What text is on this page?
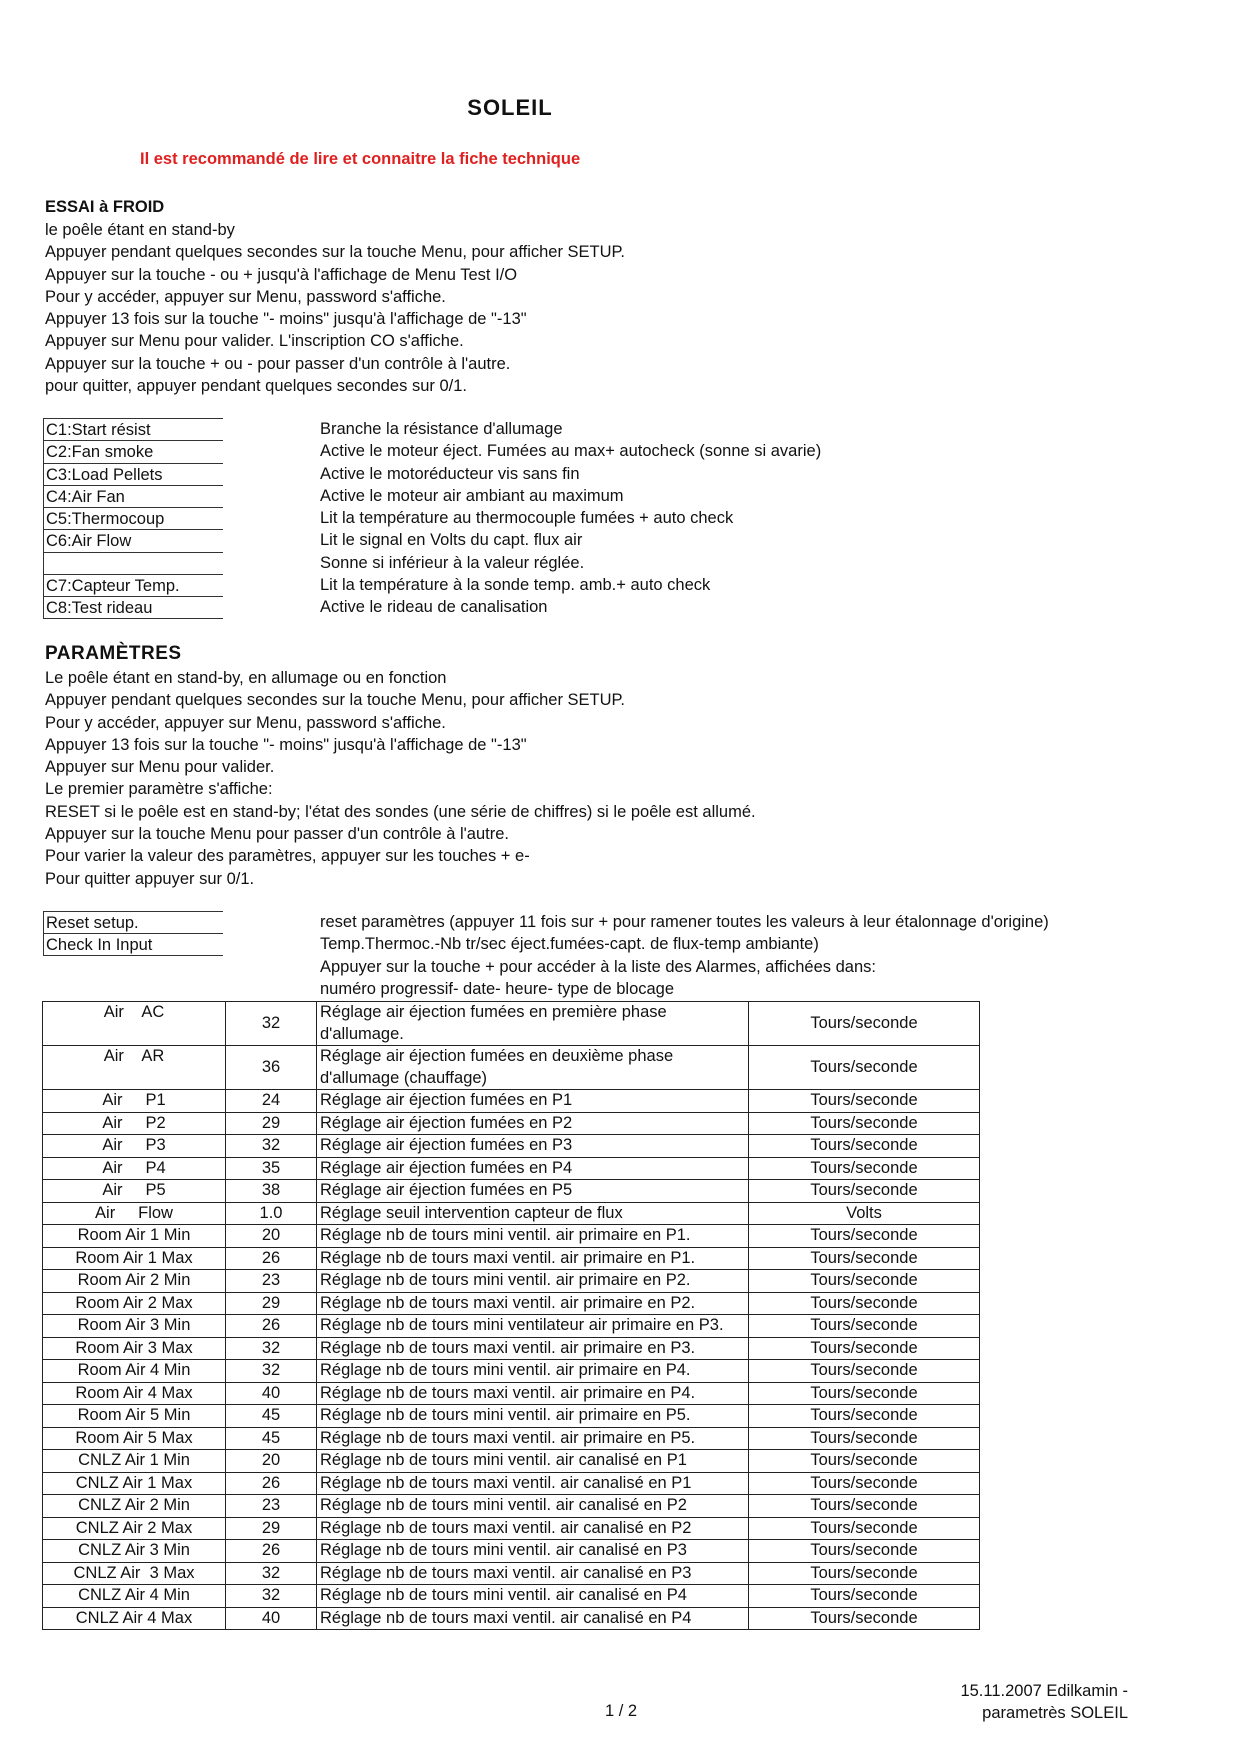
SOLEIL
Il est recommandé de lire et connaitre la fiche technique
ESSAI à FROID
le poêle étant en stand-by
Appuyer pendant quelques secondes sur la touche Menu, pour afficher SETUP.
Appuyer sur la touche - ou + jusqu'à l'affichage de Menu Test I/O
Pour y accéder, appuyer sur Menu, password s'affiche.
Appuyer 13 fois sur la touche "- moins" jusqu'à l'affichage de "-13"
Appuyer sur Menu pour valider. L'inscription CO s'affiche.
Appuyer sur la touche + ou - pour passer d'un contrôle à l'autre.
pour quitter, appuyer pendant quelques secondes sur 0/1.
C1:Start résist	Branche la résistance d'allumage
C2:Fan smoke	Active le moteur éject. Fumées au max+ autocheck (sonne si avarie)
C3:Load Pellets	Active le motoréducteur vis sans fin
C4:Air Fan	Active le moteur air ambiant au maximum
C5:Thermocoup	Lit la température au thermocouple fumées + auto check
C6:Air Flow	Lit le signal en Volts du capt. flux air
Sonne si inférieur à la valeur réglée.
C7:Capteur Temp.	Lit la température à la sonde temp. amb.+ auto check
C8:Test rideau	Active le rideau de canalisation
PARAMÈTRES
Le poêle étant en stand-by, en allumage ou en fonction
Appuyer pendant quelques secondes sur la touche Menu, pour afficher SETUP.
Pour y accéder, appuyer sur Menu, password s'affiche.
Appuyer 13 fois sur la touche "- moins" jusqu'à l'affichage de "-13"
Appuyer sur Menu pour valider.
Le premier paramètre s'affiche:
RESET si le poêle est en stand-by; l'état des sondes (une série de chiffres) si le poêle est allumé.
Appuyer sur la touche Menu pour passer d'un contrôle à l'autre.
Pour varier la valeur des paramètres, appuyer sur les touches + e-
Pour quitter appuyer sur 0/1.
Reset setup.	reset paramètres (appuyer 11 fois sur + pour ramener toutes les valeurs à leur étalonnage d'origine)
Check In Input	Temp.Thermoc.-Nb tr/sec éject.fumées-capt. de flux-temp ambiante)
Appuyer sur la touche + pour accéder à la liste des Alarmes, affichées dans:
numéro progressif- date- heure- type de blocage
Air    AC	32	Réglage air éjection fumées en première phase d'allumage.	Tours/seconde
Air    AR	36	Réglage air éjection fumées en deuxième phase d'allumage (chauffage)	Tours/seconde
Air     P1	24	Réglage air éjection fumées en P1	Tours/seconde
Air     P2	29	Réglage air éjection fumées en P2	Tours/seconde
Air     P3	32	Réglage air éjection fumées en P3	Tours/seconde
Air     P4	35	Réglage air éjection fumées en P4	Tours/seconde
Air     P5	38	Réglage air éjection fumées en P5	Tours/seconde
Air     Flow	1.0	Réglage seuil intervention capteur de flux	Volts
Room Air 1 Min	20	Réglage nb de tours mini ventil. air primaire en P1.	Tours/seconde
Room Air 1 Max	26	Réglage nb de tours maxi ventil. air primaire en P1.	Tours/seconde
Room Air 2 Min	23	Réglage nb de tours mini ventil. air primaire en P2.	Tours/seconde
Room Air 2 Max	29	Réglage nb de tours maxi ventil. air primaire en P2.	Tours/seconde
Room Air 3 Min	26	Réglage nb de tours mini ventilateur air primaire en P3.	Tours/seconde
Room Air 3 Max	32	Réglage nb de tours maxi ventil. air primaire en P3.	Tours/seconde
Room Air 4 Min	32	Réglage nb de tours mini ventil. air primaire en P4.	Tours/seconde
Room Air 4 Max	40	Réglage nb de tours maxi ventil. air primaire en P4.	Tours/seconde
Room Air 5 Min	45	Réglage nb de tours mini ventil. air primaire en P5.	Tours/seconde
Room Air 5 Max	45	Réglage nb de tours maxi ventil. air primaire en P5.	Tours/seconde
CNLZ Air 1 Min	20	Réglage nb de tours mini ventil. air canalisé en P1	Tours/seconde
CNLZ Air 1 Max	26	Réglage nb de tours maxi ventil. air canalisé en P1	Tours/seconde
CNLZ Air 2 Min	23	Réglage nb de tours mini ventil. air canalisé en P2	Tours/seconde
CNLZ Air 2 Max	29	Réglage nb de tours maxi ventil. air canalisé en P2	Tours/seconde
CNLZ Air 3 Min	26	Réglage nb de tours mini ventil. air canalisé en P3	Tours/seconde
CNLZ Air  3 Max	32	Réglage nb de tours maxi ventil. air canalisé en P3	Tours/seconde
CNLZ Air 4 Min	32	Réglage nb de tours mini ventil. air canalisé en P4	Tours/seconde
CNLZ Air 4 Max	40	Réglage nb de tours maxi ventil. air canalisé en P4	Tours/seconde
1 / 2
15.11.2007 Edilkamin -
parametrès SOLEIL
